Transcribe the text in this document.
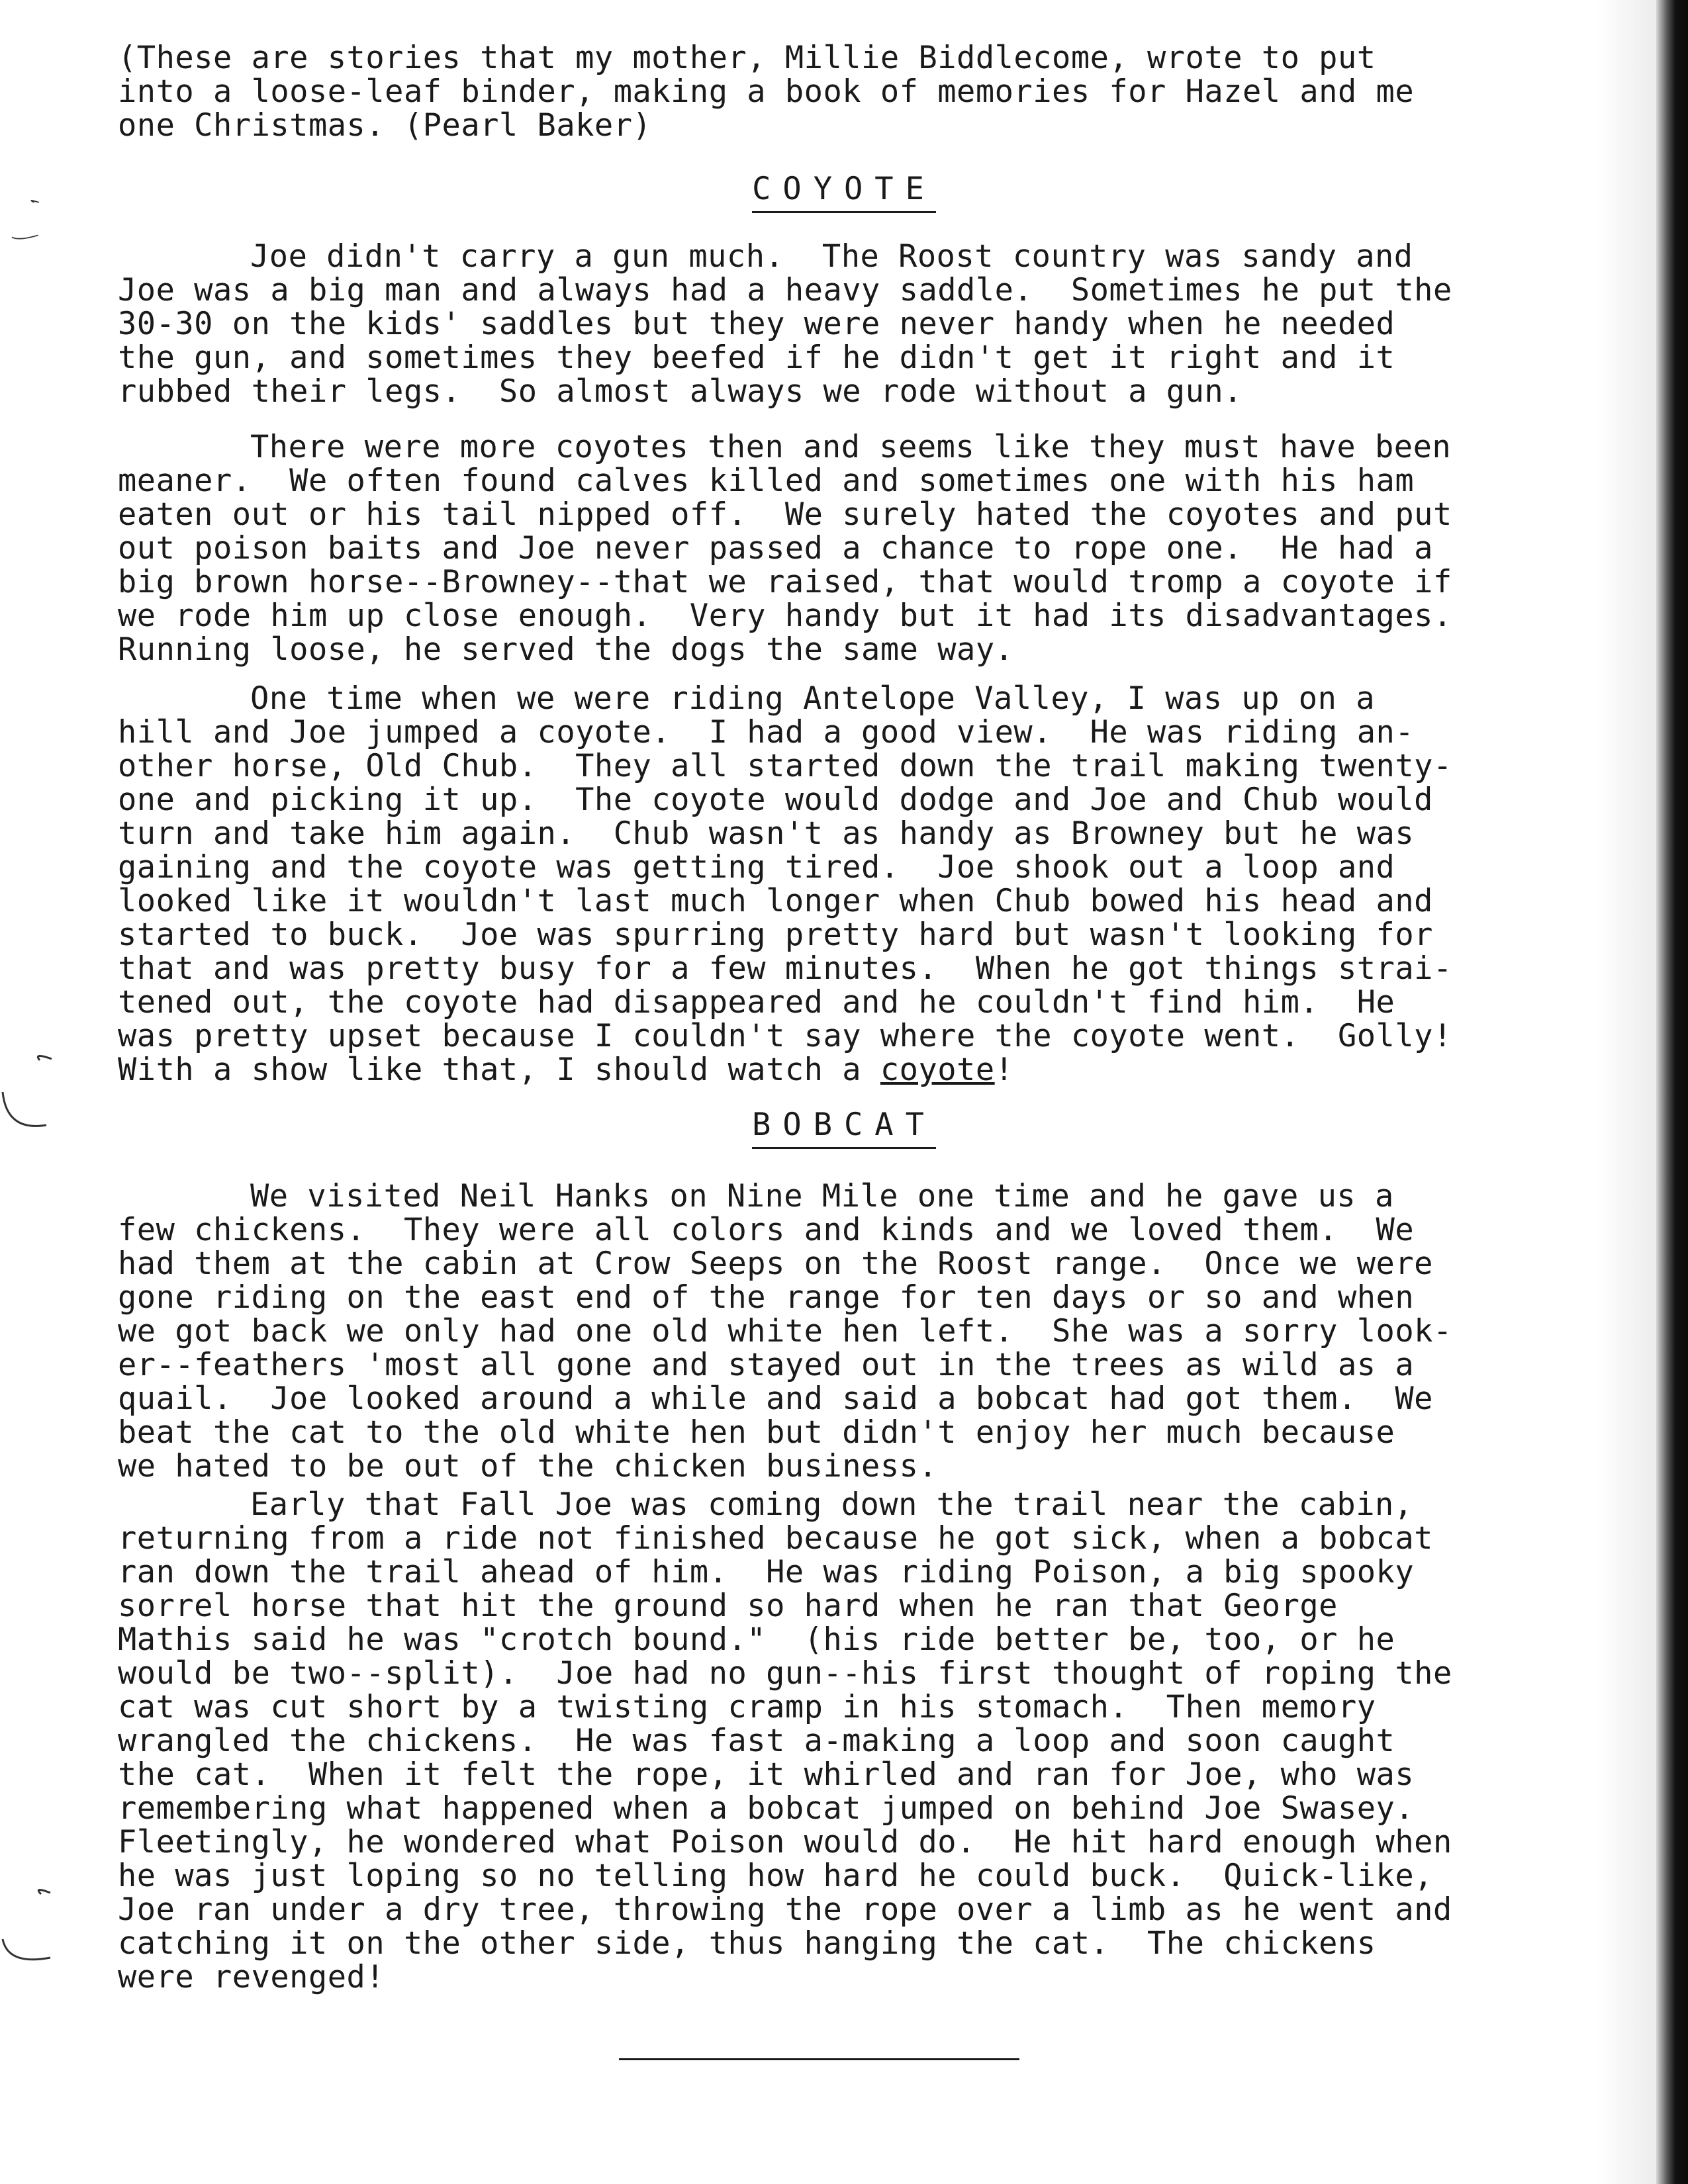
(These are stories that my mother, Millie Biddlecome, wrote to put
into a loose-leaf binder, making a book of memories for Hazel and me
one Christmas. (Pearl Baker)
COYOTE
Joe didn't carry a gun much.  The Roost country was sandy and
Joe was a big man and always had a heavy saddle.  Sometimes he put the
30-30 on the kids' saddles but they were never handy when he needed
the gun, and sometimes they beefed if he didn't get it right and it
rubbed their legs.  So almost always we rode without a gun.
There were more coyotes then and seems like they must have been
meaner.  We often found calves killed and sometimes one with his ham
eaten out or his tail nipped off.  We surely hated the coyotes and put
out poison baits and Joe never passed a chance to rope one.  He had a
big brown horse--Browney--that we raised, that would tromp a coyote if
we rode him up close enough.  Very handy but it had its disadvantages.
Running loose, he served the dogs the same way.
One time when we were riding Antelope Valley, I was up on a
hill and Joe jumped a coyote.  I had a good view.  He was riding an-
other horse, Old Chub.  They all started down the trail making twenty-
one and picking it up.  The coyote would dodge and Joe and Chub would
turn and take him again.  Chub wasn't as handy as Browney but he was
gaining and the coyote was getting tired.  Joe shook out a loop and
looked like it wouldn't last much longer when Chub bowed his head and
started to buck.  Joe was spurring pretty hard but wasn't looking for
that and was pretty busy for a few minutes.  When he got things strai-
tened out, the coyote had disappeared and he couldn't find him.  He
was pretty upset because I couldn't say where the coyote went.  Golly!
With a show like that, I should watch a coyote!
BOBCAT
We visited Neil Hanks on Nine Mile one time and he gave us a
few chickens.  They were all colors and kinds and we loved them.  We
had them at the cabin at Crow Seeps on the Roost range.  Once we were
gone riding on the east end of the range for ten days or so and when
we got back we only had one old white hen left.  She was a sorry look-
er--feathers 'most all gone and stayed out in the trees as wild as a
quail.  Joe looked around a while and said a bobcat had got them.  We
beat the cat to the old white hen but didn't enjoy her much because
we hated to be out of the chicken business.
Early that Fall Joe was coming down the trail near the cabin,
returning from a ride not finished because he got sick, when a bobcat
ran down the trail ahead of him.  He was riding Poison, a big spooky
sorrel horse that hit the ground so hard when he ran that George
Mathis said he was "crotch bound."  (his ride better be, too, or he
would be two--split).  Joe had no gun--his first thought of roping the
cat was cut short by a twisting cramp in his stomach.  Then memory
wrangled the chickens.  He was fast a-making a loop and soon caught
the cat.  When it felt the rope, it whirled and ran for Joe, who was
remembering what happened when a bobcat jumped on behind Joe Swasey.
Fleetingly, he wondered what Poison would do.  He hit hard enough when
he was just loping so no telling how hard he could buck.  Quick-like,
Joe ran under a dry tree, throwing the rope over a limb as he went and
catching it on the other side, thus hanging the cat.  The chickens
were revenged!
